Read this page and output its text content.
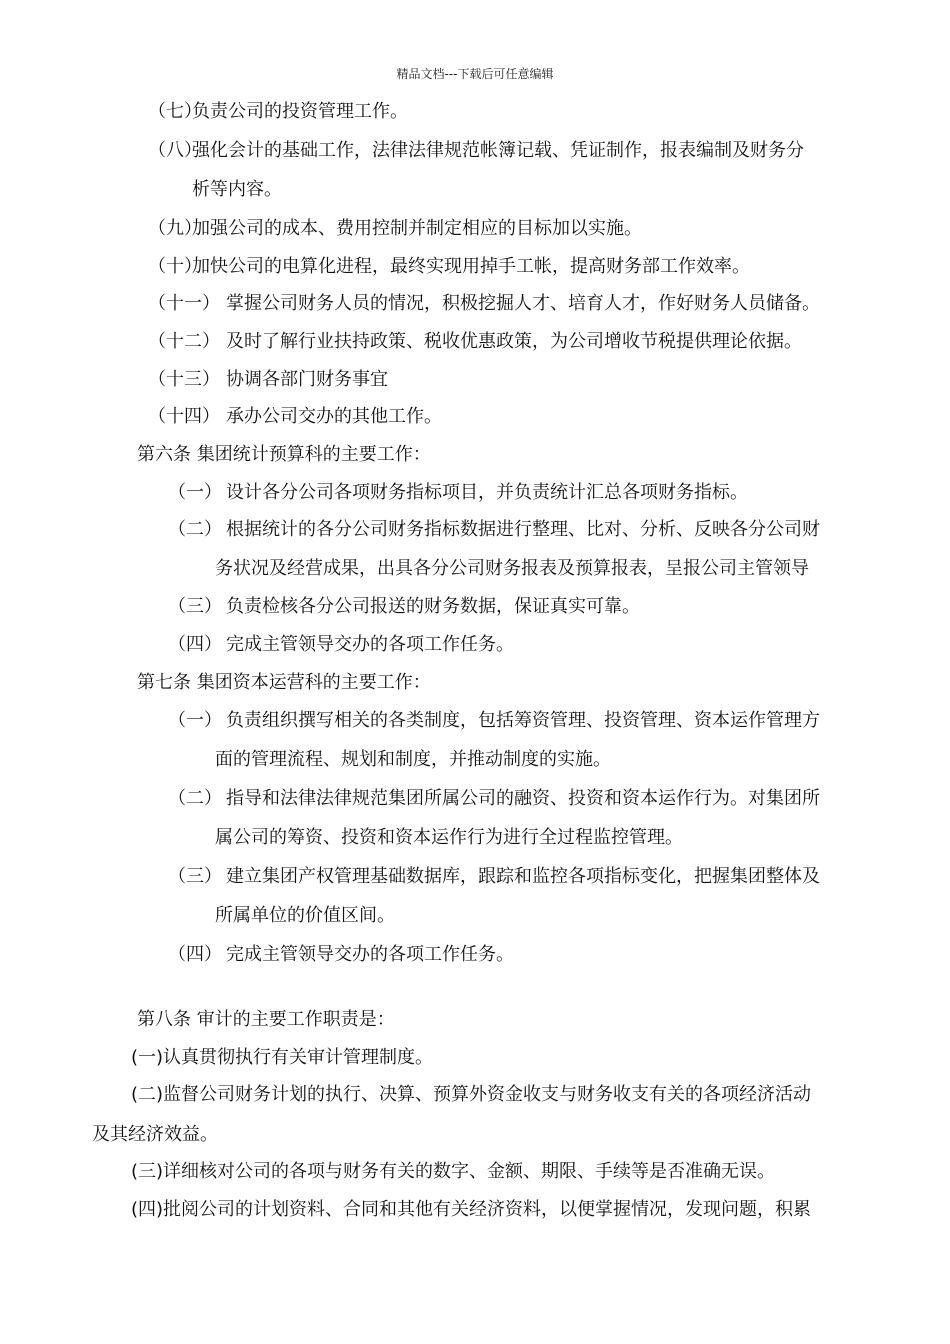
精品文档---下载后可任意编辑
（七）
负责公司的投资管理工作。
（八）
强化会计的基础工作，法律法律规范帐簿记载、凭证制作，报表编制及财务分
析等内容。
（九）
加强公司的成本、费用控制并制定相应的目标加以实施。
（十）
加快公司的电算化进程，最终实现用掉手工帐，提高财务部工作效率。
（十一） 掌握公司财务人员的情况，积极挖掘人才、培育人才，作好财务人员储备。
（十二） 及时了解行业扶持政策、税收优惠政策，为公司增收节税提供理论依据。
（十三） 协调各部门财务事宜
（十四） 承办公司交办的其他工作。
第六条 集团统计预算科的主要工作：
（一） 设计各分公司各项财务指标项目，并负责统计汇总各项财务指标。
（二） 根据统计的各分公司财务指标数据进行整理、比对、分析、反映各分公司财
务状况及经营成果，出具各分公司财务报表及预算报表，呈报公司主管领导
（三） 负责检核各分公司报送的财务数据，保证真实可靠。
（四） 完成主管领导交办的各项工作任务。
第七条 集团资本运营科的主要工作：
（一） 负责组织撰写相关的各类制度，包括筹资管理、投资管理、资本运作管理方
面的管理流程、规划和制度，并推动制度的实施。
（二） 指导和法律法律规范集团所属公司的融资、投资和资本运作行为。对集团所
属公司的筹资、投资和资本运作行为进行全过程监控管理。
（三） 建立集团产权管理基础数据库，跟踪和监控各项指标变化，把握集团整体及
所属单位的价值区间。
（四） 完成主管领导交办的各项工作任务。
第八条 审计的主要工作职责是：
(一)认真贯彻执行有关审计管理制度。
(二)监督公司财务计划的执行、决算、预算外资金收支与财务收支有关的各项经济活动
及其经济效益。
(三)详细核对公司的各项与财务有关的数字、金额、期限、手续等是否准确无误。
(四)批阅公司的计划资料、合同和其他有关经济资料，以便掌握情况，发现问题，积累
